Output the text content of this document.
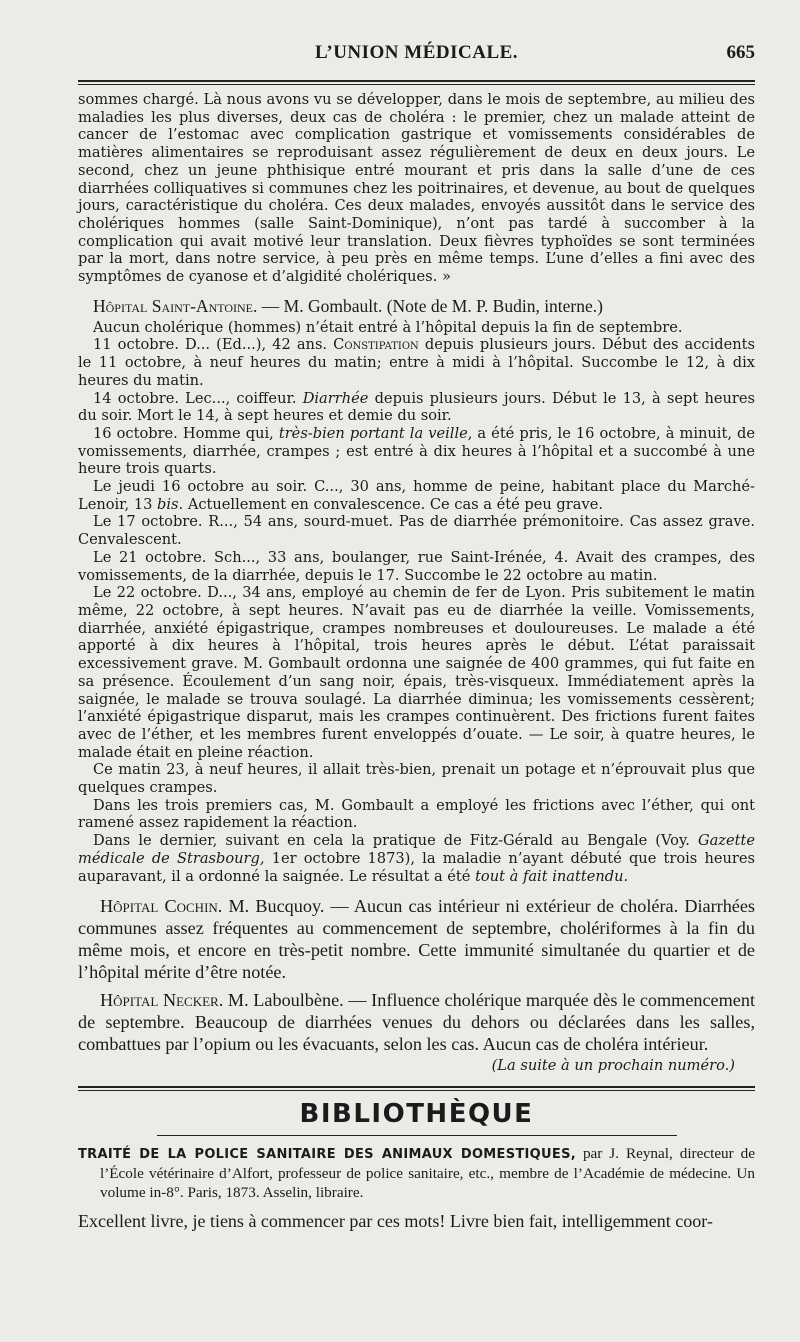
L’UNION MÉDICALE.	665

sommes chargé. Là nous avons vu se développer, dans le mois de septembre, au milieu des maladies les plus diverses, deux cas de choléra : le premier, chez un malade atteint de cancer de l’estomac avec complication gastrique et vomissements considérables de matières alimentaires se reproduisant assez régulièrement de deux en deux jours. Le second, chez un jeune phthisique entré mourant et pris dans la salle d’une de ces diarrhées colliquatives si communes chez les poitrinaires, et devenue, au bout de quelques jours, caractéristique du choléra. Ces deux malades, envoyés aussitôt dans le service des cholériques hommes (salle Saint-Dominique), n’ont pas tardé à succomber à la complication qui avait motivé leur translation. Deux fièvres typhoïdes se sont terminées par la mort, dans notre service, à peu près en même temps. L’une d’elles a fini avec des symptômes de cyanose et d’algidité cholériques. »

Hôpital Saint-Antoine. — M. Gombault. (Note de M. P. Budin, interne.)

Aucun cholérique (hommes) n’était entré à l’hôpital depuis la fin de septembre.

11 octobre. D... (Ed...), 42 ans. Constipation depuis plusieurs jours. Début des accidents le 11 octobre, à neuf heures du matin; entre à midi à l’hôpital. Succombe le 12, à dix heures du matin.

14 octobre. Lec..., coiffeur. Diarrhée depuis plusieurs jours. Début le 13, à sept heures du soir. Mort le 14, à sept heures et demie du soir.

16 octobre. Homme qui, très-bien portant la veille, a été pris, le 16 octobre, à minuit, de vomissements, diarrhée, crampes ; est entré à dix heures à l’hôpital et a succombé à une heure trois quarts.

Le jeudi 16 octobre au soir. C..., 30 ans, homme de peine, habitant place du Marché-Lenoir, 13 bis. Actuellement en convalescence. Ce cas a été peu grave.

Le 17 octobre. R..., 54 ans, sourd-muet. Pas de diarrhée prémonitoire. Cas assez grave. Cenvalescent.

Le 21 octobre. Sch..., 33 ans, boulanger, rue Saint-Irénée, 4. Avait des crampes, des vomissements, de la diarrhée, depuis le 17. Succombe le 22 octobre au matin.

Le 22 octobre. D..., 34 ans, employé au chemin de fer de Lyon. Pris subitement le matin même, 22 octobre, à sept heures. N’avait pas eu de diarrhée la veille. Vomissements, diarrhée, anxiété épigastrique, crampes nombreuses et douloureuses. Le malade a été apporté à dix heures à l’hôpital, trois heures après le début. L’état paraissait excessivement grave. M. Gombault ordonna une saignée de 400 grammes, qui fut faite en sa présence. Écoulement d’un sang noir, épais, très-visqueux. Immédiatement après la saignée, le malade se trouva soulagé. La diarrhée diminua; les vomissements cessèrent; l’anxiété épigastrique disparut, mais les crampes continuèrent. Des frictions furent faites avec de l’éther, et les membres furent enveloppés d’ouate. — Le soir, à quatre heures, le malade était en pleine réaction.

Ce matin 23, à neuf heures, il allait très-bien, prenait un potage et n’éprouvait plus que quelques crampes.

Dans les trois premiers cas, M. Gombault a employé les frictions avec l’éther, qui ont ramené assez rapidement la réaction.

Dans le dernier, suivant en cela la pratique de Fitz-Gérald au Bengale (Voy. Gazette médicale de Strasbourg, 1er octobre 1873), la maladie n’ayant débuté que trois heures auparavant, il a ordonné la saignée. Le résultat a été tout à fait inattendu.

Hôpital Cochin. M. Bucquoy. — Aucun cas intérieur ni extérieur de choléra. Diarrhées communes assez fréquentes au commencement de septembre, cholériformes à la fin du même mois, et encore en très-petit nombre. Cette immunité simultanée du quartier et de l’hôpital mérite d’être notée.

Hôpital Necker. M. Laboulbène. — Influence cholérique marquée dès le commencement de septembre. Beaucoup de diarrhées venues du dehors ou déclarées dans les salles, combattues par l’opium ou les évacuants, selon les cas. Aucun cas de choléra intérieur.

(La suite à un prochain numéro.)
BIBLIOTHÈQUE

TRAITÉ DE LA POLICE SANITAIRE DES ANIMAUX DOMESTIQUES, par J. Reynal, directeur de l’École vétérinaire d’Alfort, professeur de police sanitaire, etc., membre de l’Académie de médecine. Un volume in-8°. Paris, 1873. Asselin, libraire.

Excellent livre, je tiens à commencer par ces mots! Livre bien fait, intelligemment coor-
